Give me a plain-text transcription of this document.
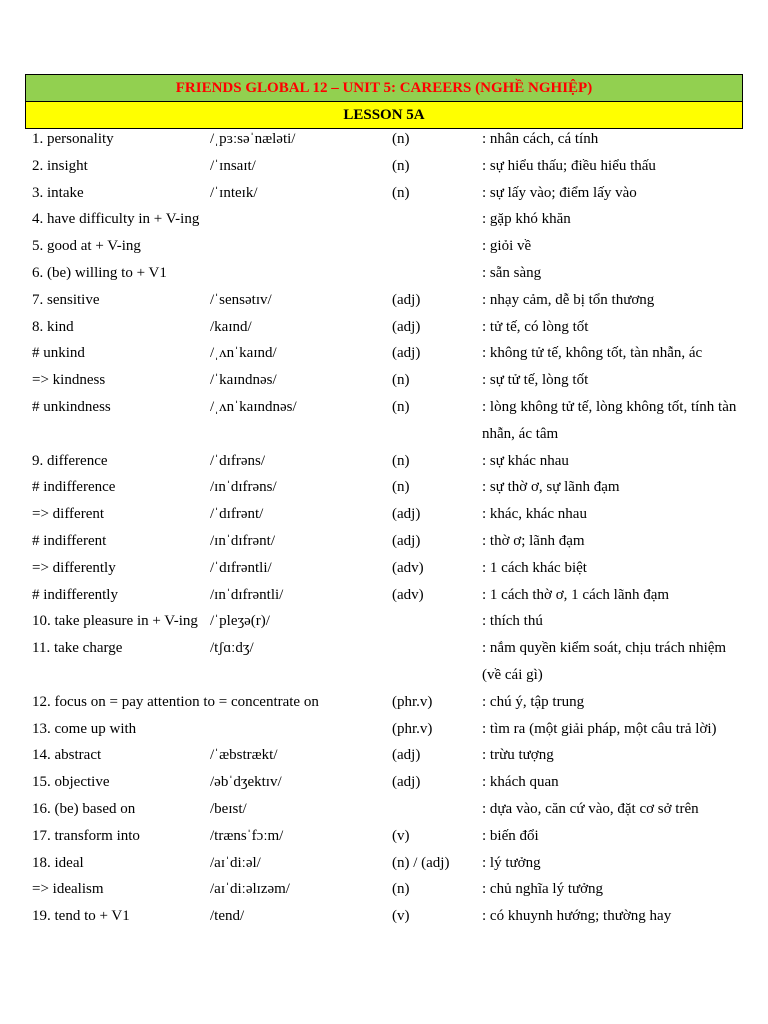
FRIENDS GLOBAL 12 – UNIT 5: CAREERS (NGHỀ NGHIỆP)
LESSON 5A
1. personality	/ˌpɜːsəˈnæləti/	(n)	: nhân cách, cá tính
2. insight	/ˈɪnsaɪt/	(n)	: sự hiểu thấu; điều hiểu thấu
3. intake	/ˈɪnteɪk/	(n)	: sự lấy vào; điểm lấy vào
4. have difficulty in + V-ing	: gặp khó khăn
5. good at + V-ing	: giỏi về
6. (be) willing to + V1	: sẵn sàng
7. sensitive	/ˈsensətɪv/	(adj)	: nhạy cảm, dễ bị tổn thương
8. kind	/kaɪnd/	(adj)	: tử tế, có lòng tốt
# unkind	/ˌʌnˈkaɪnd/	(adj)	: không tử tế, không tốt, tàn nhẫn, ác
=> kindness	/ˈkaɪndnəs/	(n)	: sự tử tế, lòng tốt
# unkindness	/ˌʌnˈkaɪndnəs/	(n)	: lòng không tử tế, lòng không tốt, tính tàn nhẫn, ác tâm
9. difference	/ˈdɪfrəns/	(n)	: sự khác nhau
# indifference	/ɪnˈdɪfrəns/	(n)	: sự thờ ơ, sự lãnh đạm
=> different	/ˈdɪfrənt/	(adj)	: khác, khác nhau
# indifferent	/ɪnˈdɪfrənt/	(adj)	: thờ ơ; lãnh đạm
=> differently	/ˈdɪfrəntli/	(adv)	: 1 cách khác biệt
# indifferently	/ɪnˈdɪfrəntli/	(adv)	: 1 cách thờ ơ, 1 cách lãnh đạm
10. take pleasure in + V-ing /ˈpleʒə(r)/	: thích thú
11. take charge	/tʃɑːdʒ/	: nắm quyền kiểm soát, chịu trách nhiệm (về cái gì)
12. focus on = pay attention to = concentrate on	(phr.v)	: chú ý, tập trung
13. come up with	(phr.v)	: tìm ra (một giải pháp, một câu trả lời)
14. abstract	/ˈæbstrækt/	(adj)	: trừu tượng
15. objective	/əbˈdʒektɪv/	(adj)	: khách quan
16. (be) based on	/beɪst/	: dựa vào, căn cứ vào, đặt cơ sở trên
17. transform into	/trænsˈfɔːm/	(v)	: biến đổi
18. ideal	/aɪˈdiːəl/	(n) / (adj) : lý tưởng
=> idealism	/aɪˈdiːəlɪzəm/	(n)	: chủ nghĩa lý tưởng
19. tend to + V1	/tend/	(v)	: có khuynh hướng; thường hay
